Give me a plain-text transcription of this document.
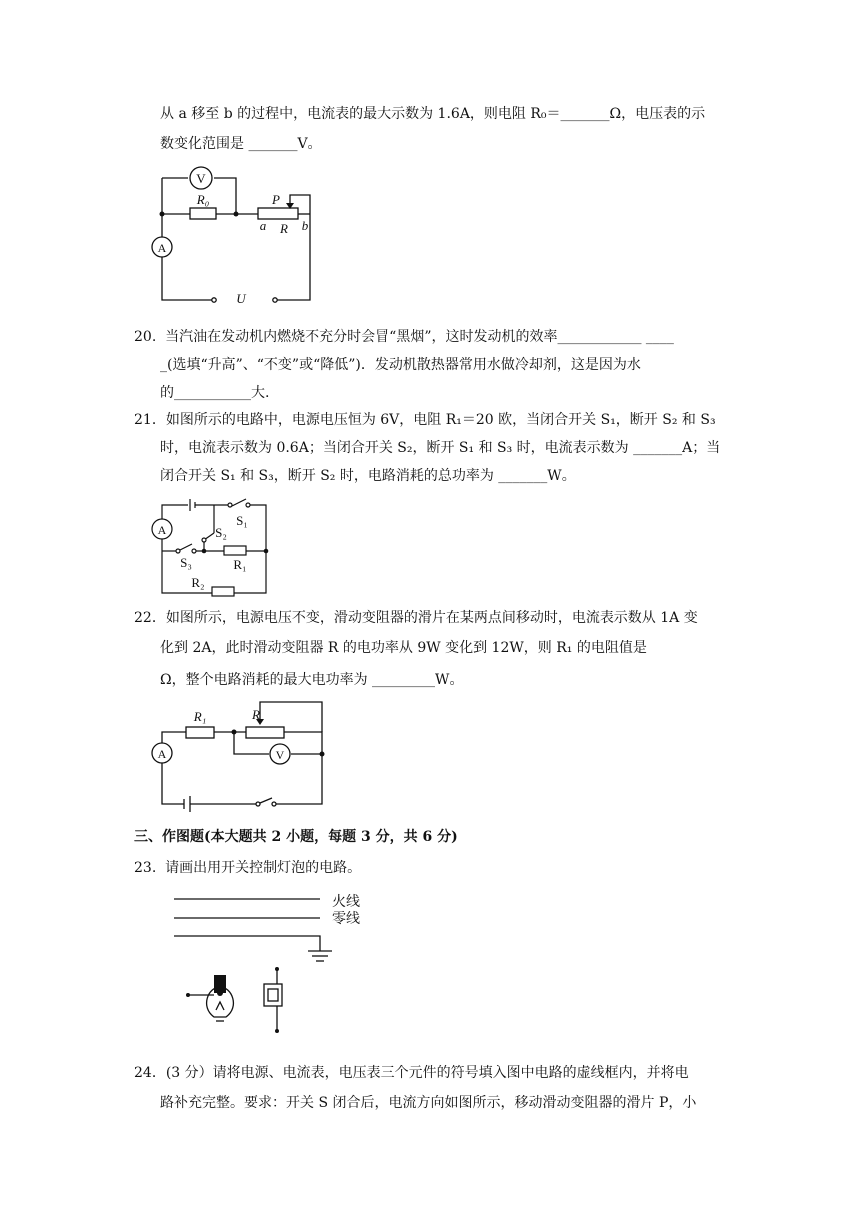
从 a 移至 b 的过程中，电流表的最大示数为 1.6A，则电阻 R₀＝_______Ω，电压表的示

数变化范围是 _______V。

V
A
R₀	P
a R b
U

20.  当汽油在发动机内燃烧不充分时会冒“黑烟”，这时发动机的效率____________ ____

_(选填“升高”、“不变”或“降低”)．发动机散热器常用水做冷却剂，这是因为水

的___________大.

21．如图所示的电路中，电源电压恒为 6V，电阻 R₁＝20 欧，当闭合开关 S₁，断开 S₂ 和 S₃

时，电流表示数为 0.6A；当闭合开关 S₂，断开 S₁ 和 S₃ 时，电流表示数为 _______A；当

闭合开关 S₁ 和 S₃，断开 S₂ 时，电路消耗的总功率为 _______W。

A
S₁
S₂
S₃	R₁
R₂

22．如图所示，电源电压不变，滑动变阻器的滑片在某两点间移动时，电流表示数从 1A 变

化到 2A，此时滑动变阻器 R 的电功率从 9W 变化到 12W，则 R₁ 的电阻值是

Ω，整个电路消耗的最大电功率为 _________W。

A	V
R₁	R

三、作图题(本大题共 2 小题，每题 3 分，共 6 分)

23.  请画出用开关控制灯泡的电路。

火线
零线

24．(3 分）请将电源、电流表，电压表三个元件的符号填入图中电路的虚线框内，并将电

路补充完整。要求：开关 S 闭合后，电流方向如图所示，移动滑动变阻器的滑片 P，小
